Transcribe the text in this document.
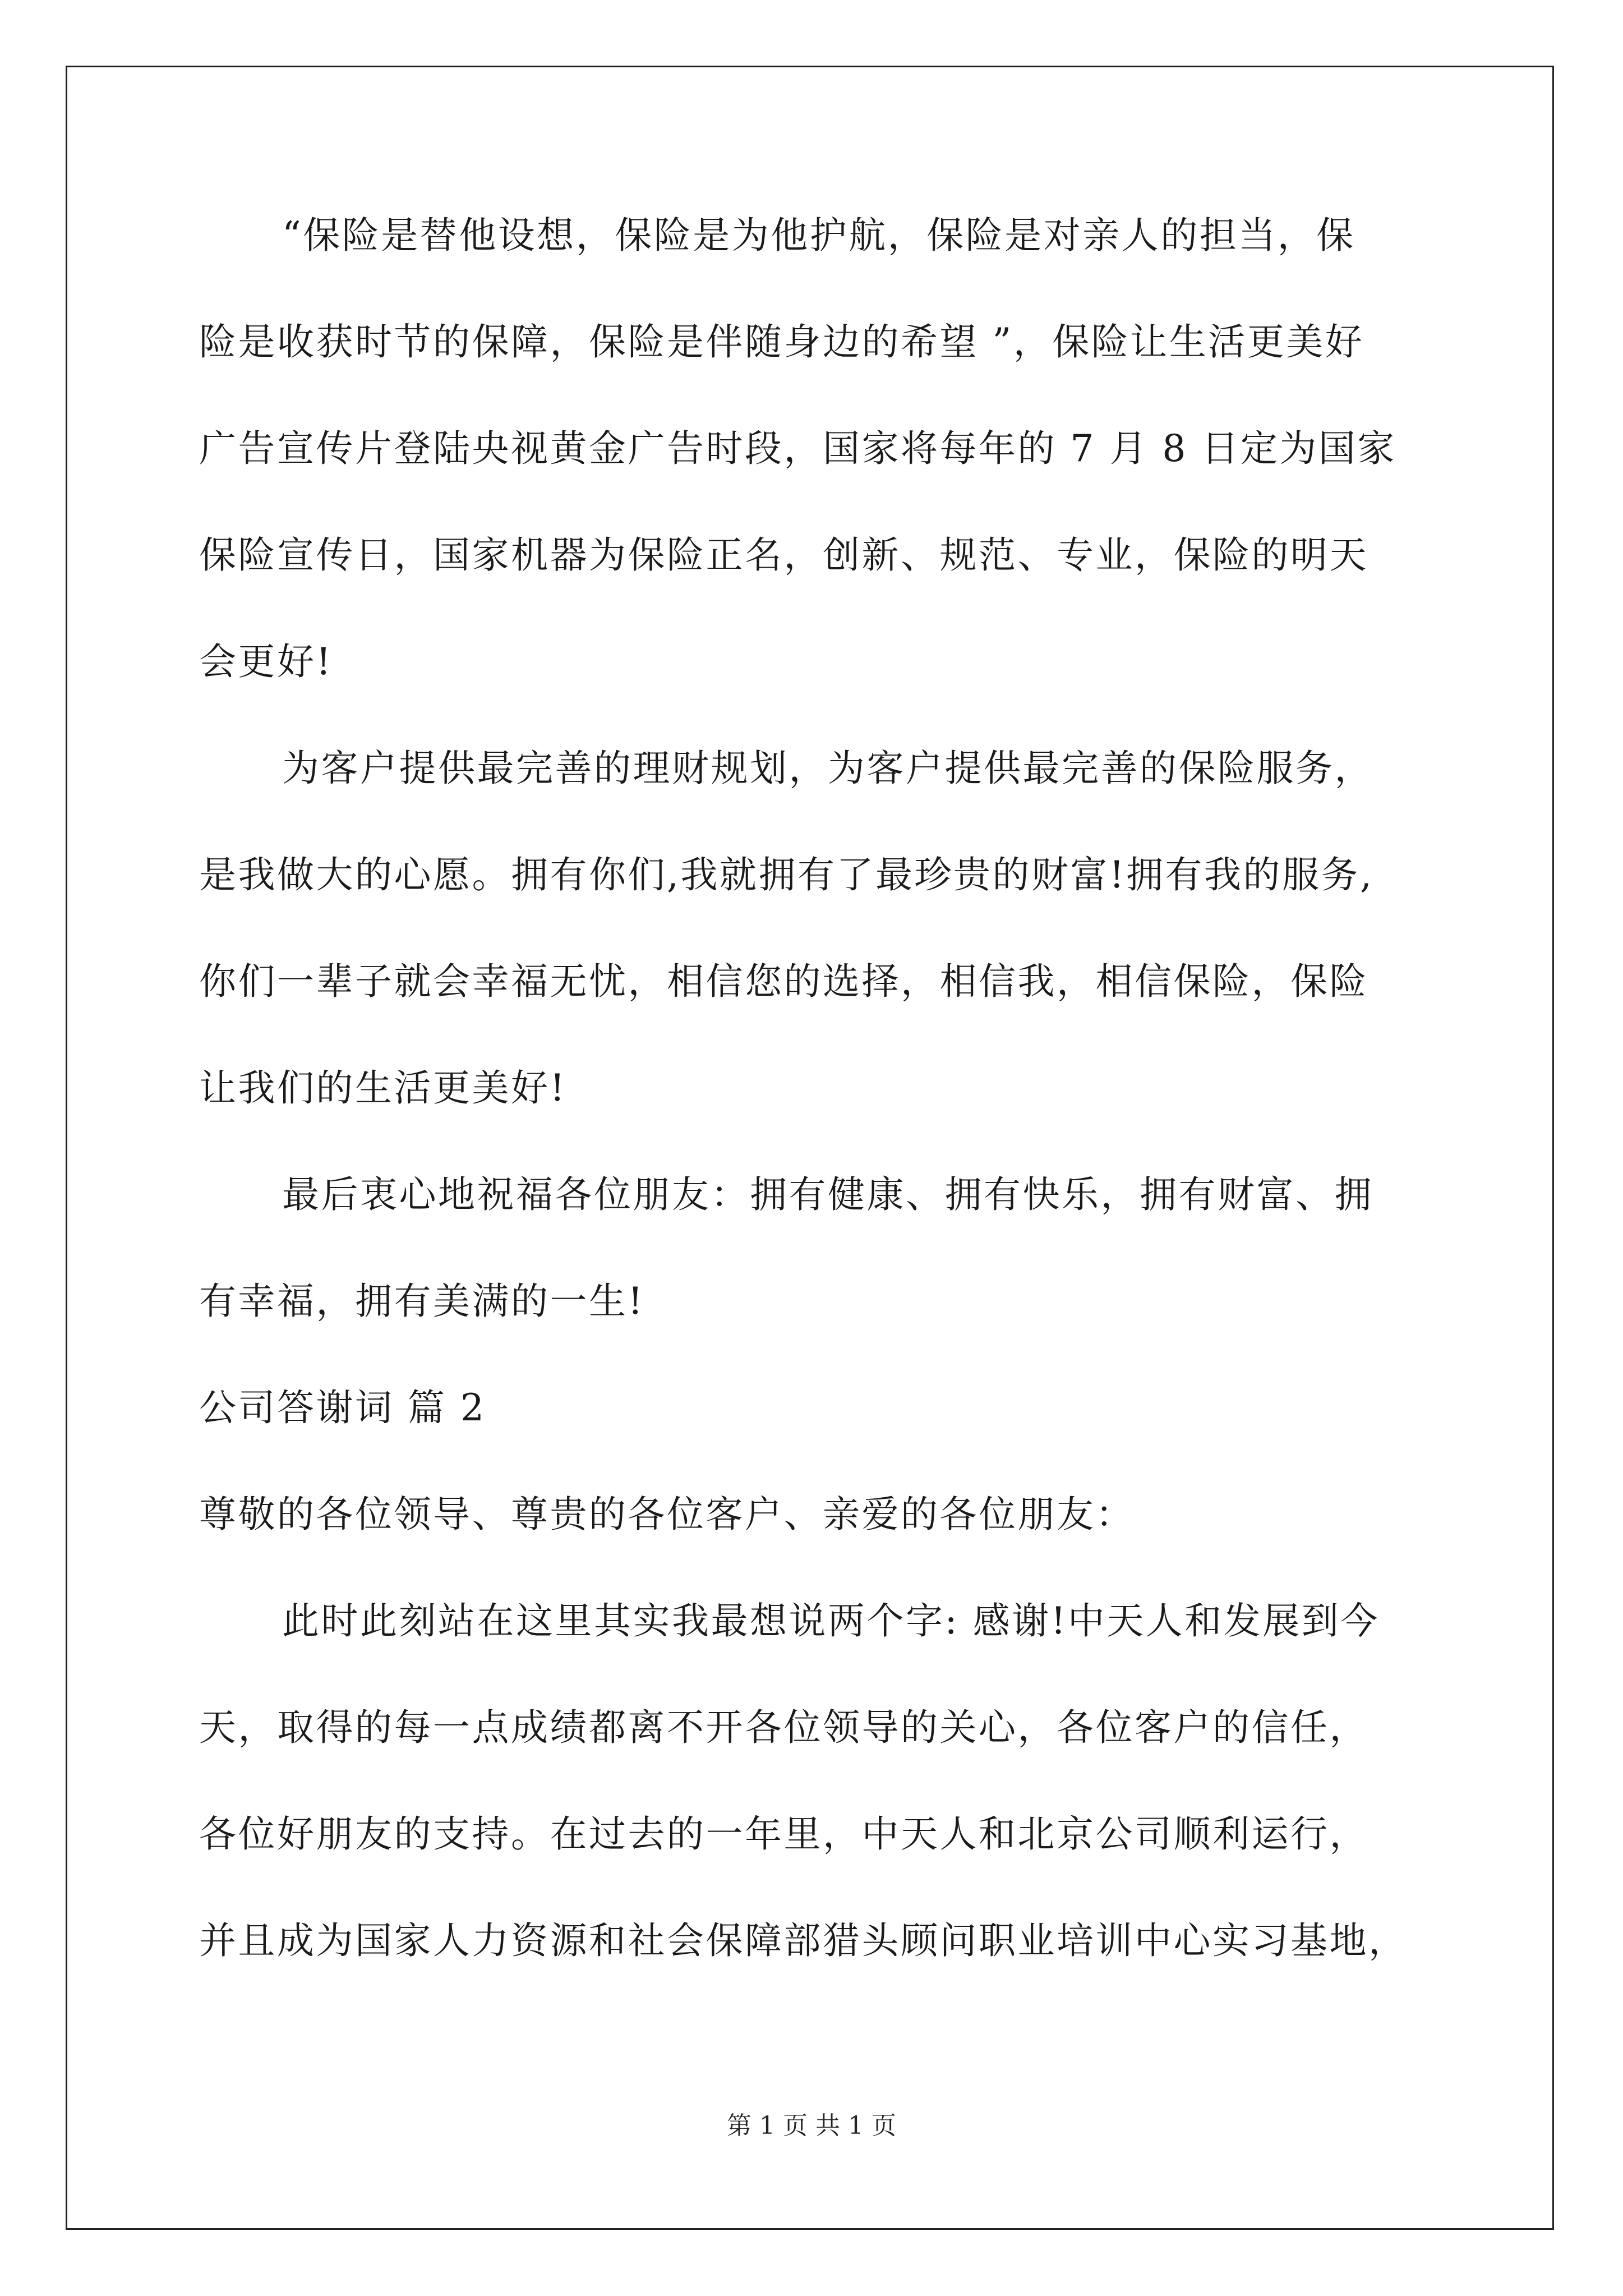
“保险是替他设想，保险是为他护航，保险是对亲人的担当，保
险是收获时节的保障，保险是伴随身边的希望 ”，保险让生活更美好
广告宣传片登陆央视黄金广告时段，国家将每年的 7 月 8 日定为国家
保险宣传日，国家机器为保险正名，创新、规范、专业，保险的明天
会更好!
为客户提供最完善的理财规划，为客户提供最完善的保险服务，
是我做大的心愿。拥有你们,我就拥有了最珍贵的财富!拥有我的服务,
你们一辈子就会幸福无忧，相信您的选择，相信我，相信保险，保险
让我们的生活更美好!
最后衷心地祝福各位朋友：拥有健康、拥有快乐，拥有财富、拥
有幸福，拥有美满的一生!
公司答谢词 篇 2
尊敬的各位领导、尊贵的各位客户、亲爱的各位朋友：
此时此刻站在这里其实我最想说两个字: 感谢!中天人和发展到今
天，取得的每一点成绩都离不开各位领导的关心，各位客户的信任，
各位好朋友的支持。在过去的一年里，中天人和北京公司顺利运行，
并且成为国家人力资源和社会保障部猎头顾问职业培训中心实习基地，
第 1 页 共 1 页
